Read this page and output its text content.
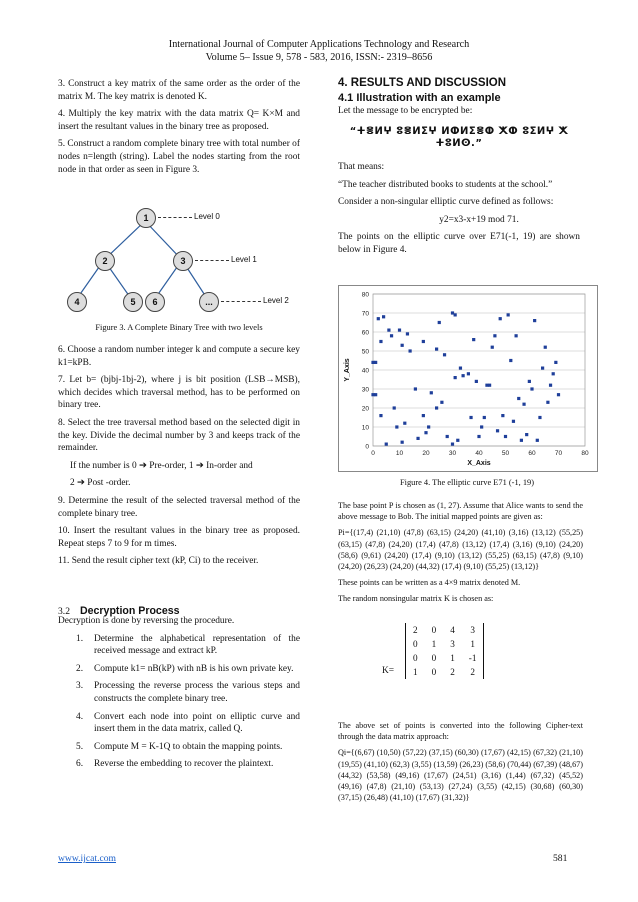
International Journal of Computer Applications Technology and Research
Volume 5– Issue 9, 578 - 583, 2016, ISSN:- 2319–8656

3. Construct a key matrix of the same order as the order of the matrix M. The key matrix is denoted K.

4. Multiply the key matrix with the data matrix Q= K×M and insert the resultant values in the binary tree as proposed.

5. Construct a random complete binary tree with total number of nodes n=length (string). Label the nodes starting from the root node in that order as seen in Figure 3.

1
2	3
4	5	6	...
Level 0
Level 1
Level 2
Figure 3. A Complete Binary Tree with two levels

6. Choose a random number integer k and compute a secure key k1=kPB.

7. Let b= (bjbj-1bj-2), where j is bit position (LSB→MSB), which decides which traversal method, has to be performed on binary tree.

8. Select the tree traversal method based on the selected digit in the key. Divide the decimal number by 3 and keeps track of the remainder.

If the number is 0 ➔ Pre-order, 1 ➔ In-order and

2 ➔ Post -order.

9. Determine the result of the selected traversal method of the complete binary tree.

10. Insert the resultant values in the binary tree as proposed. Repeat steps 7 to 9 for m times.

11. Send the result cipher text (kP, Ci) to the receiver.

3.2 Decryption Process

Decryption is done by reversing the procedure.

1. Determine the alphabetical representation of the received message and extract kP.
2. Compute k1= nB(kP) with nB is his own private key.
3. Processing the reverse process the various steps and constructs the complete binary tree.
4. Convert each node into point on elliptic curve and insert them in the data matrix, called Q.
5. Compute M = K-1Q to obtain the mapping points.
6. Reverse the embedding to recover the plaintext.
4. RESULTS AND DISCUSSION
4.1 Illustration with an example

Let the message to be encrypted be:

“ⵜⴻⵍⵖ ⵓⴻⵍⵉⵖ ⵍⵀⵍⵉⴻⵀ ⵅⵀ ⵓⵉⵍⵖ ⵅ ⵜⵓⵍⵙ.”

That means:

“The teacher distributed books to students at the school.”

Consider a non-singular elliptic curve defined as follows:

y2=x3-x+19 mod 71.

The points on the elliptic curve over E71(-1, 19) are shown below in Figure 4.

0
10
20
30
40
50
60
70
80
0	10	20	30	40	50	60	70	80
X_Axis
Y_Axis
Figure 4. The elliptic curve E71 (-1, 19)

The base point P is chosen as (1, 27). Assume that Alice wants to send the above message to Bob. The initial mapped points are given as:

Pi={(17,4) (21,10) (47,8) (63,15) (24,20) (41,10) (3,16) (13,12) (55,25) (63,15) (47,8) (24,20) (17,4) (47,8) (13,12) (17,4) (3,16) (9,10) (24,20) (58,6) (9,61) (24,20) (17,4) (9,10) (13,12) (55,25) (63,15) (47,8) (9,10) (24,20) (26,23) (24,20) (44,32) (17,4) (9,10) (55,25) (13,12)}

These points can be written as a 4×9 matrix denoted M.

The random nonsingular matrix K is chosen as:

K=
2	0	4	3
0	1	3	1
0	0	1	-1
1	0	2	2

The above set of points is converted into the following Cipher-text through the data matrix approach:

Qi={(6,67) (10,50) (57,22) (37,15) (60,30) (17,67) (42,15) (67,32) (21,10) (19,55) (41,10) (62,3) (3,55) (13,59) (26,23) (58,6) (70,44) (67,39) (48,67) (44,32) (53,58) (49,16) (17,67) (24,51) (3,16) (1,44) (67,32) (45,52) (49,16) (47,8) (21,10) (53,13) (27,24) (3,55) (42,15) (30,68) (60,30) (37,15) (26,48) (41,10) (17,67) (31,32)}

www.ijcat.com	581
